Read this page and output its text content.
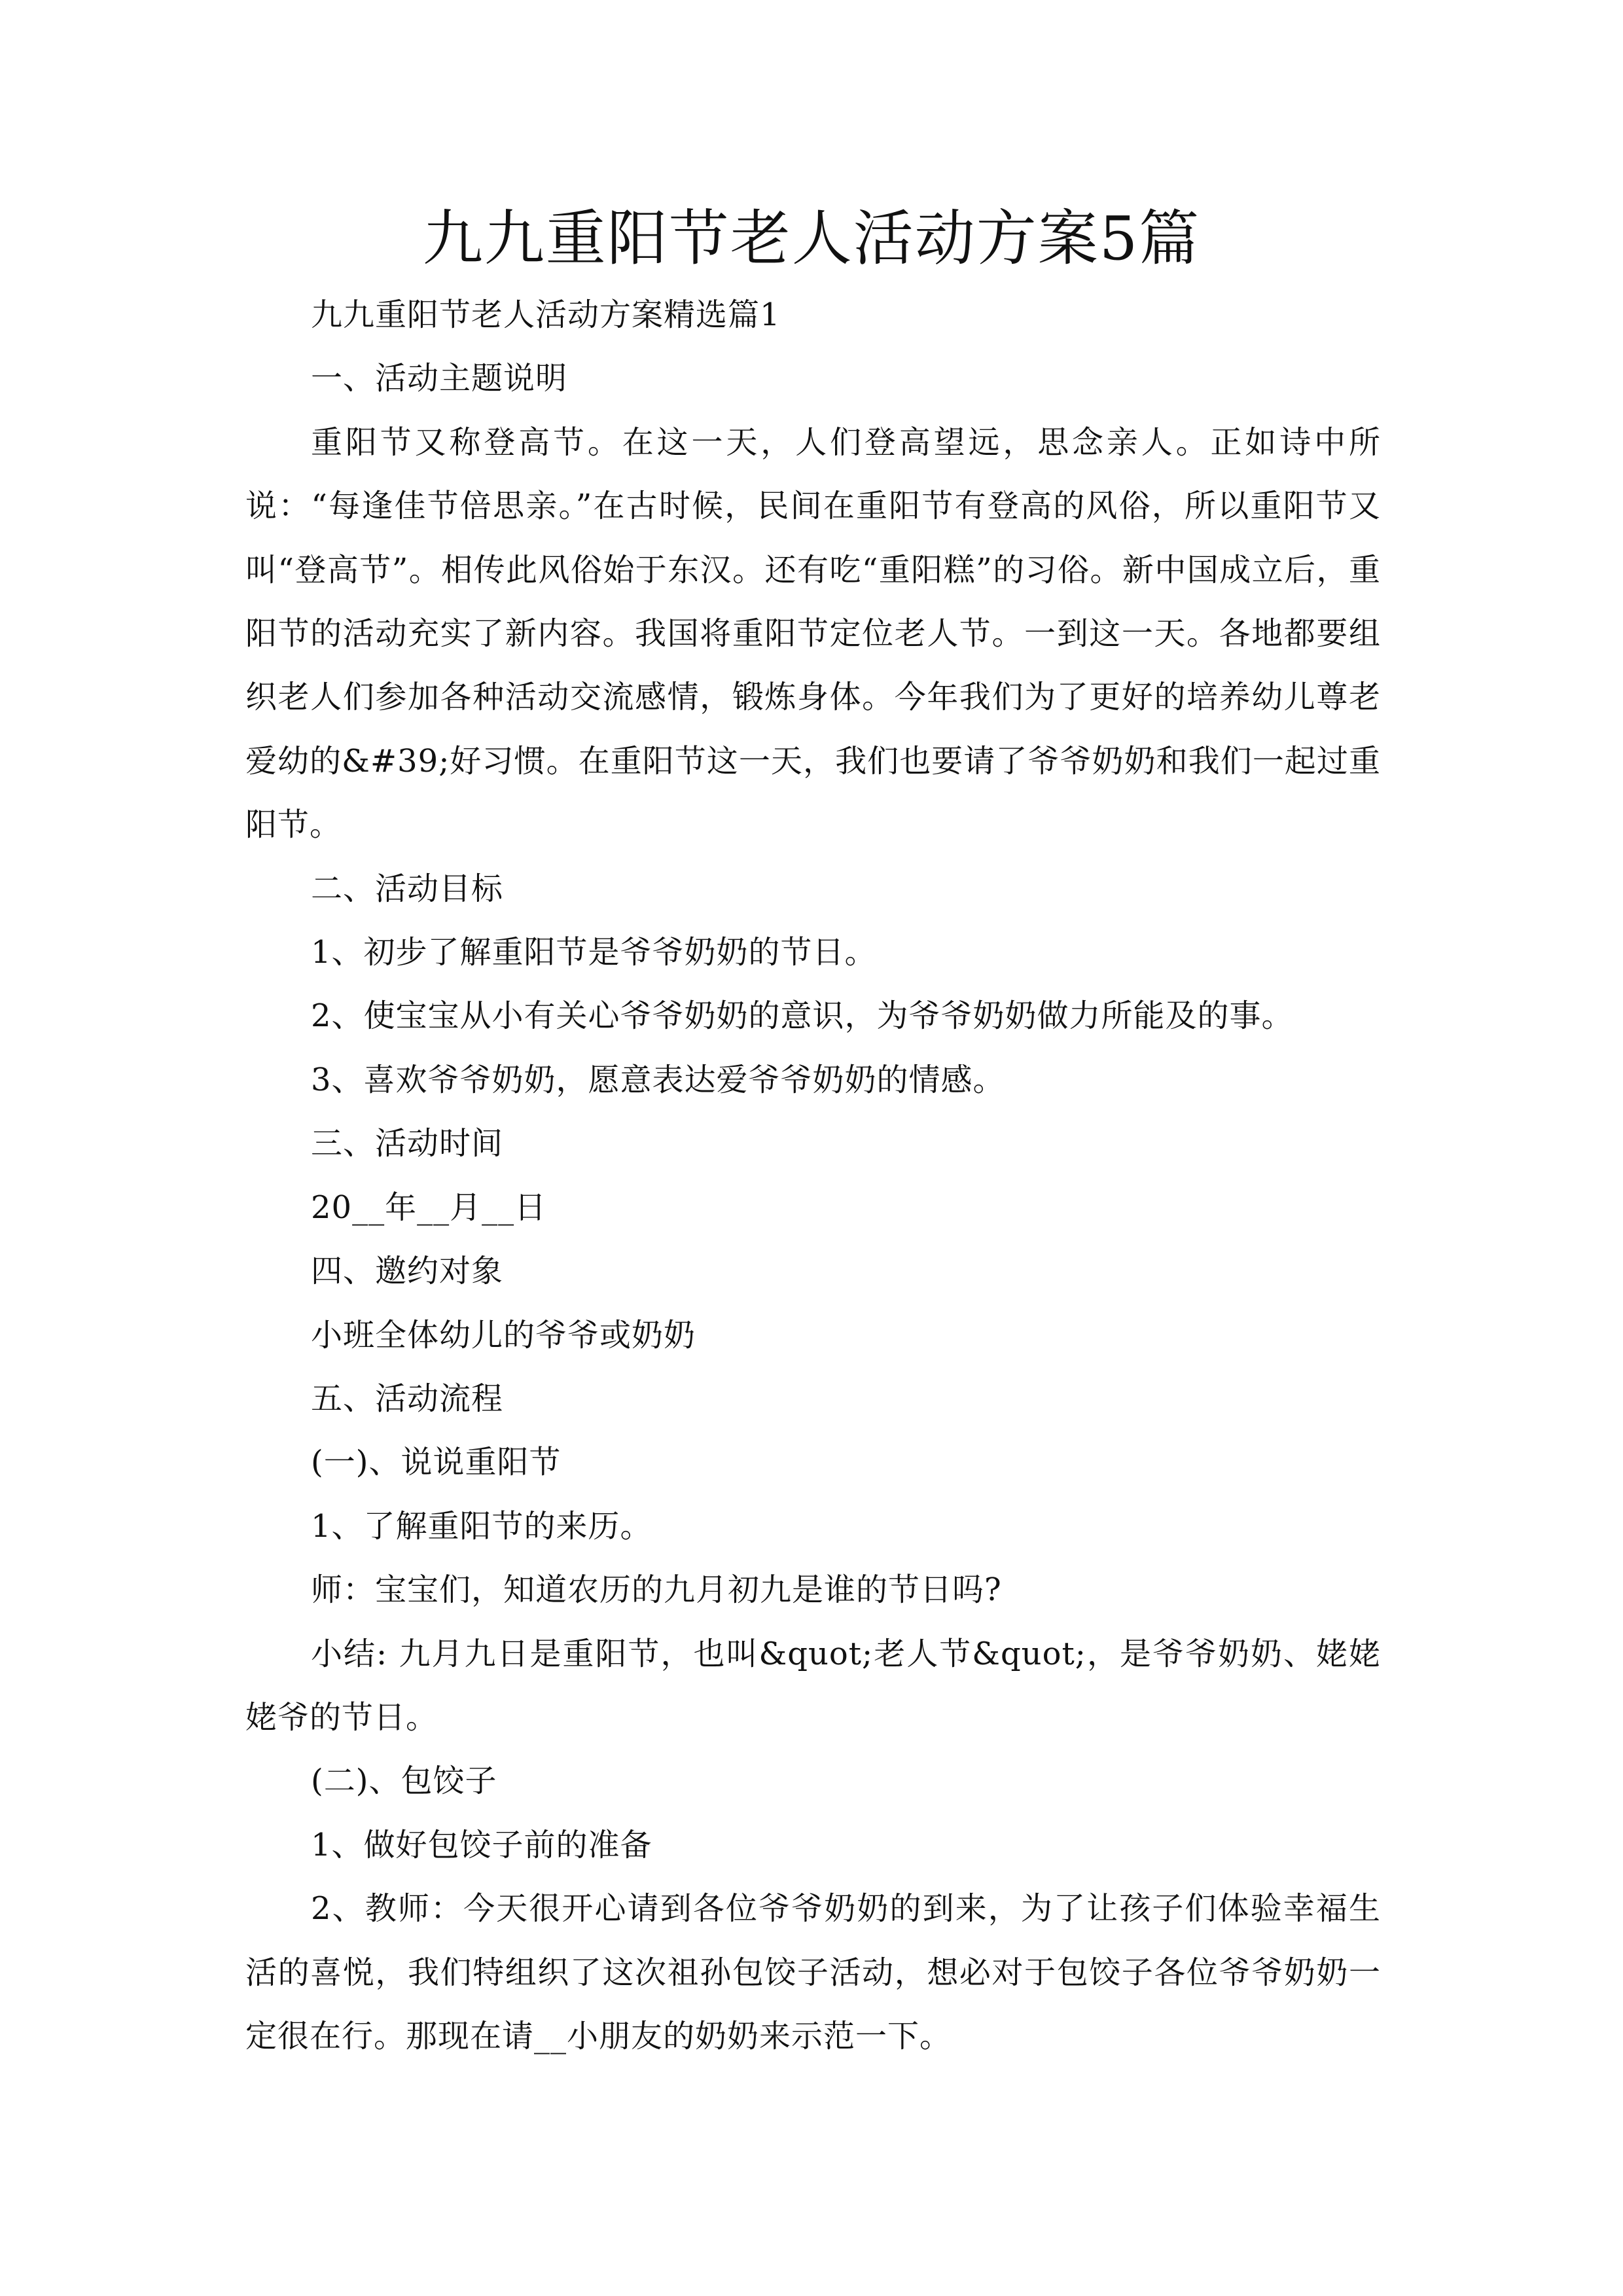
九九重阳节老人活动方案5篇

九九重阳节老人活动方案精选篇1

一、活动主题说明

重阳节又称登高节。在这一天，人们登高望远，思念亲人。正如诗中所说：“每逢佳节倍思亲。”在古时候，民间在重阳节有登高的风俗，所以重阳节又叫“登高节”。相传此风俗始于东汉。还有吃“重阳糕”的习俗。新中国成立后，重阳节的活动充实了新内容。我国将重阳节定位老人节。一到这一天。各地都要组织老人们参加各种活动交流感情，锻炼身体。今年我们为了更好的培养幼儿尊老爱幼的&#39;好习惯。在重阳节这一天，我们也要请了爷爷奶奶和我们一起过重阳节。

二、活动目标

1、初步了解重阳节是爷爷奶奶的节日。

2、使宝宝从小有关心爷爷奶奶的意识，为爷爷奶奶做力所能及的事。

3、喜欢爷爷奶奶，愿意表达爱爷爷奶奶的情感。

三、活动时间

20__年__月__日

四、邀约对象

小班全体幼儿的爷爷或奶奶

五、活动流程

(一)、说说重阳节

1、了解重阳节的来历。

师：宝宝们，知道农历的九月初九是谁的节日吗?

小结: 九月九日是重阳节，也叫&quot;老人节&quot;，是爷爷奶奶、姥姥姥爷的节日。

(二)、包饺子

1、做好包饺子前的准备

2、教师：今天很开心请到各位爷爷奶奶的到来，为了让孩子们体验幸福生活的喜悦，我们特组织了这次祖孙包饺子活动，想必对于包饺子各位爷爷奶奶一定很在行。那现在请__小朋友的奶奶来示范一下。
